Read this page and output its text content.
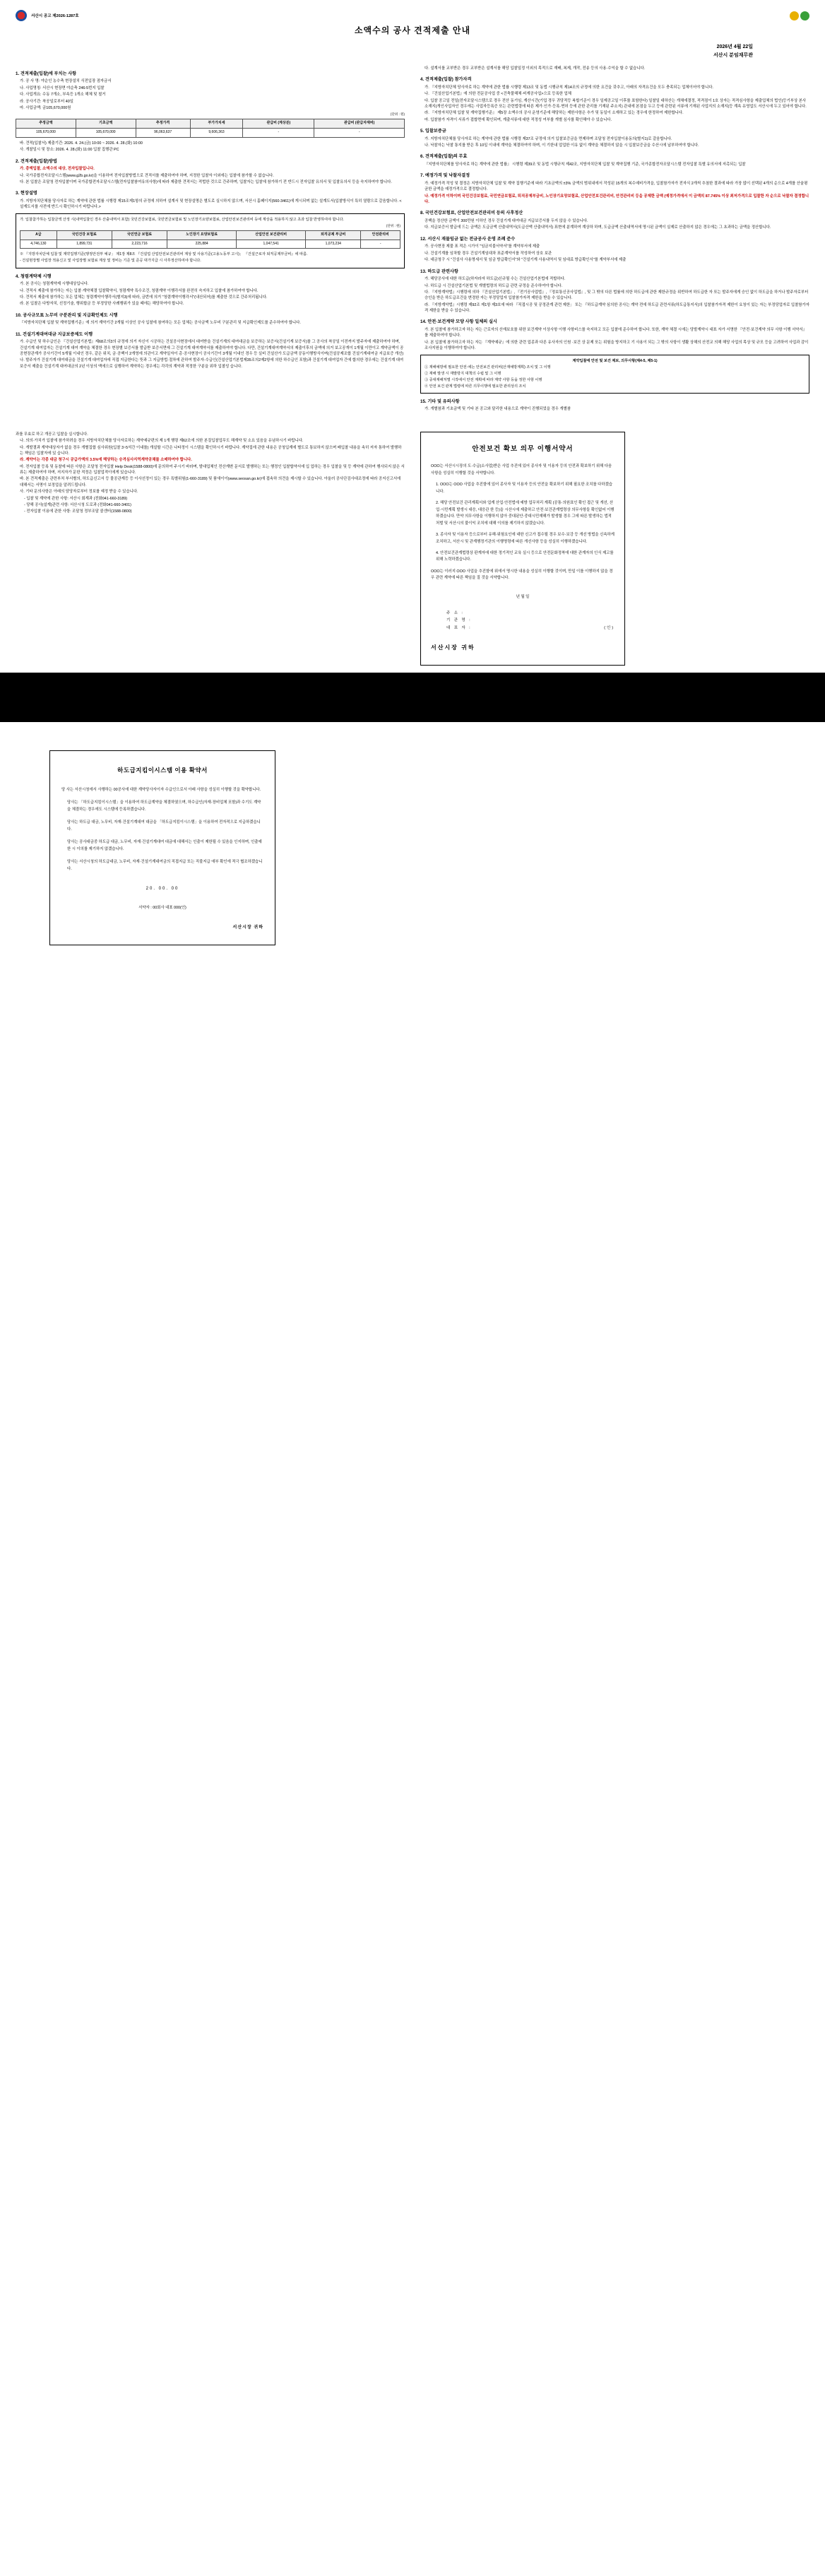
서산시 공고 제2026-1287호
소액수의 공사 견적제출 안내
2026년 4월 22일
서산시 분임재무관
1. 견적제출(입찰)에 부치는 사항

가. 공 사 명: 야순인 농수축 현장설치 식전입장 점자금서

나. 사업명칭: 서산시 현장면 야순축 246-5번지 입찰

다. 사업개요: 수동 7개소, 부속등 1개소 해체 및 철거

라. 공사기간: 착공일로부터 40일

마. 사업금액: 금105,670,000원

(단위 : 원)

추정금액	기초금액	추정가격	부가가치세	관급비 (계상분)	관급비 (관급자재비)
105,670,000	105,670,000	96,063,637	9,606,363	-	-

바. 견적(입찰서) 제출기간: 2026. 4. 24.(금) 10:00 ~ 2026. 4. 28.(화) 10:00

사. 개찰일시 및 장소: 2026. 4. 28.(화) 11:00 입찰 집행관 PC

2. 견적제출(입찰)방법

가. 총액입찰, 소액수의 대상, 전자입찰입니다.

나. 국가종합전자조달시스템(www.g2b.go.kr)을 이용하여 전자입찰방법으로 견적서를 제출하여야 하며, 지정한 입찰자 이외에는 입찰에 참가할 수 없습니다.

다. 본 입찰은 조달청 전자입찰이며 국가종합전자조달시스템(전자입찰참여유의사항)에 따라 제출한 견적서는 적법한 것으로 간주하며, 입찰자는 입찰에 참가하기 전 반드시 전자입찰 유의서 및 입찰유의서 등을 숙지하여야 합니다.

3. 현장설명

가. 지방자치단체를 당사자로 하는 계약에 관한 법률 시행령 제15조제1항의 규정에 의하여 설계서 및 현장설명은 별도로 실시하지 않으며, 서산시 홈페이지(560-3461)에 게시되며 없는 설계도서(입찰방식이 특히 열람으로 갈음합니다. <설계도서를 사전에 반드시 확인하시기 바랍니다.>

가. 입찰참가하는 입찰금액 산정 시(내역입찰인 경우 산출내역서 포함) 국민건강보험료, 국민연금보험료 및 노인장기요양보험료, 산업안전보건관리비 등에 계상을 적용하지 않고 초과 입찰 반영하여야 합니다.

(단위 : 원)

A급	국민건강 보험료	국민연금 보험료	노인장기 요양보험료	산업안전 보건관리비	퇴직공제 부금비	안전관리비
4,746,130	1,899,731	2,223,716	225,884	1,047,541	1,073,234	-

※ 『지방자치단체 입찰 및 계약집행기준(행정안전부 예규」 제1장 제8조 『건설업 산업안전보건관리비 계상 및 사용기준(고용노동부 고시)」 『건설근로자 퇴직공제부금비』에 따름.

- 건설현장별 사업장 적용신고 및 사업장별 보험료 계상 및 정비는 기준 및 준공 대가지급 시 사후정산하여야 합니다.

4. 청렴계약제 시행

가. 본 공사는 청렴계약제 시행대상입니다.

나. 견적서 제출에 참가하는 자는 입찰·계약체결 입찰확약서, 청렴계약 특수조건, 청렴계약 이행각서를 완전히 숙지하고 입찰에 참가하여야 합니다.

다. 견적서 제출에 참가하는 모든 업체는 청렴계약이행각서(별지3)에 따라, 금번에 의거 "청렴계약이행각서"(내산되어)를 제출한 것으로 간주처리됩니다.

라. 본 입찰은 다방자치, 선정기술, 행위합금 등 부정당한 사례행위가 있을 때에는 해당하여야 합니다.

10. 공사규모표 노무비 구분관리 및 지급확인제도 시행

『지방자치단체 입찰 및 계약집행기준』에 의거 계약기간 2개월 이상인 공사 입찰에 참여하는 모든 업체는 공사금액 노무비 구분관리 및 지급확인제도를 준수하여야 합니다.

11. 건설기계대여대금 지급보증제도 이행

가. 수급인 및 하수급인은 『건설산업기본법』제68조의3의 규정에 의거 자신이 시공하는 건설공사현장에서 대여받을 건설기계의 대여대금을 보증하는 보증서(건설기계 보증서)를 그 공사의 착공일 이전까지 발주자에 제출하여야 하며, 건설기계 대여업자는 건설기계 대여 계약을 체결한 경우 현장별 보증서를 발급받 보증서면에 그 건설기계 대여계약서를 제출하여야 합니다. 다만, 건설기계대여계약서의 제출이후의 금액에 의거 보고공개이 1개월 이만이고 계약금액이 공공현장관계가 공사기간이 5개월 이내인 경우, 같은 위치, 금·공백이 2개영에 의관이고 계약일자이 총·공사현장이 공사기간이 3개월 이내인 경우 등 실비 건설산가 도급금액 공동이행방식이며(건설공제조합 건설기계대여금 지급보증 개선)

나. 발주자가 건설기계 대여대금을 건설기계 대여업자에 직접 지급한다는 뜻과 그 지급방법·절차에 관하여 발주자·수급인(건설산업기본법제35조의2제2항에 의한 하수급인 포함)과 건설기계 대여업자 간에 합의한 경우에는 건설기계 대여 보증서 제출을 건설기계 대여대금의 2년 이상의 액에으로 실행하여 계약하는 경우에는 각각의 계약과 적정한 구분을 위하 입찰성 습니다.

다. 설계서를 교부받은 경우 교부받은 설계서를 해당 입찰일정 이외의 목적으로 재배, 복제, 개작, 전송 등의 사용·수익을 할 수 없습니다.

4. 견적제출(입찰) 참가자격

가. 『지방자치단체 당사자로 하는 계약에 관한 법률 시행령 제13조 및 동법 시행규칙 제14조의 규정에 의한 요건을 갖추고, 아래의 자격요건을 모두 충족되는 업체이어야 합니다.

나. 『건설산업기본법』에 의한 전문공사업 중 <건축물해체·비계공사업>으로 등록한 업체

다. 입찰 공고일 전일(전자조달시스템으로 경우 전산 동기임, 계산시간(기업 경우 귀당적등 복합기준이 경우 일제공고일 이후를 표함한다) 일찰일 대하산는 개체에결정, 적격점이 1호 상자는 적격심사항을 제출업체의 법인(등기부상 본사 소재지(개인사업자인 경우에는 사업자등록증 또는 관련법령에 따른 제가·인가·등록·면허 등에 관한 관리를 기재된 주소지) 관내에 본점을 두고 등에 관련된 서류에 기재된 사업지의 소재지(등 계속 유영업도 서산시에 두고 있어야 합니다.

라. 『지방자치단체 입찰 및 계약집행기준』 제5장 소액수의 공사 운영기준에 해당하는 제한사항은 추가 및 동일이 소재하고 있는 경우에 한정하여 제한합니다.

마. 입찰참가 자격이 서류가 접합면에 확인되며, 계출서류에 대한 적정성 여부를 개별 심사를 확인해야 수 있습니다.

5. 입찰보증금

가. 지방자치단체를 당사자로 하는 계약에 관한 법률 시행령 제37조 규정에 의거 입찰보증금을 면제하며 조달청 전자입찰이용동의(별지1)로 갈음합니다.

나. 낙찰자는 낙찰 통지를 받은 후 10일 이내에 계약을 체결하여야 하며, 이 기한내 업업한 이유 없이 계약을 체결하지 않을 시 입찰보증금을 수산시에 납부하여야 합니다.

6. 견적제출(입찰)의 무효

『지방자치단체를 당사자로 하는 계약에 관한 법률』 시행령 제39조 및 동법 시행규칙 제42조, 지방자치단체 입찰 및 계약집행 기준, 국가종합전자조달시스템 전자입찰 특별 유의서에 저촉되는 입찰

7. 예정가격 및 낙찰자결정

가. 예정가격 작성 및 결정은 지방자치단체 입찰 및 계약 집행기준에 따라 기초금액의 ±3% 금액의 범위내에서 작성된 15개의 복수예비가격을, 입찰참가자가 전자식 2개씩 추첨한 결과에 따라 가장 많이 선택된 4개의 순으로 4개를 산술평균한 금액을 예정가격으로 결정합니다.

나. 예정가격 이하이며 국민건강보험료, 국민연금보험료, 퇴직공제부금비, 노인장기요양보험료, 산업안전보건관리비, 안전관리비 등을 공제한 금액 (예정가격에서 이 금액의 87.745% 이상 최저가격으로 입찰한 자 순으로 낙찰자 결정합니다.

8. 국민건강보험료, 산업안전보건관리비 등의 사후정산

공백을 정산한 금액이 300만원 이하인 경우 건설기계 대여대금 지급보증서를 두지 않을 수 있습니다.

다. 지급보증서 발급에 드는 금액은 도급금액 산출내역서(도급산액 산출내역서) 표현에 분계하여 계상하 하며, 도급금액 산출내역서에 명시된 금액이 실제로 산출하지 않은 경우에는 그 초과하는 금액을 정산합니다.

12. 서산시 재물임금 없는 전금공사 운영 조례 준수

가. 공사현장 제물 표 적은 시가이 "임금지불서약서"를 계약부서에 제출

나. 건설기계를 임차할 경우 건설기계임대차 표준계약서를 작성하여 상호 보관

다. 대금청구 시 "건설사 사용명세서 및 임금 방급확인서"와 "건설기계 사용내역서 및 임대료 방급확인서"를 계약부서에 제출

13. 하도급 관련사항

가. 해당공사에 대한 하도급(하자라자 하도급)신규될 수는 건설산업기본법에 적합하다.

나. 하도급 시 건설산업기본법 및 개별법령의 하도급 관련 규정을 준수하여야 합니다.

다. 『지방계약법』시행령에 의하 『건설산업기본법』, 『전기공사업법』, 『정보통신공사업법』, 및 그 밖의 다른 법률에 의한 하도급에 관한 제한규정을 위반하여 하도급한 자 또는 발주자에게 승인 없이 하도급을 하거나 발주자로부터 승인을 받은 하도급조건을 변경한 자는 부정당업자 입찰참가자격 제한을 받을 수 있습니다.

라. 『지방계약법』시행령 제92조 제1항 제3호에 따라 『직접시공 및 공정관계 관련 제한」 또는 『하도급계약 심의한 공사는 계약 전에 하도급 관련서류(하도급통지서)의 입찰참가자격 제한이 요청이 있는 자는 부정당업자로 입찰참가자격 제한을 받을 수 있습니다.

14. 안전·보건계약 모양 사항 일체의 실시

가. 본 입찰에 참가하고자 하는 자는 근로자의 산재보호를 위한 보건계약 이상사항 이행 사항비스를 숙지하고 모든 입찰에 준수하여 합니다. 또한, 계약 체결 시에는 당발계약시 대표 자가 서명한 『안전·보건계약 의무 사항 이행 서약서』를 제출하여야 합니다.

나. 본 입찰에 참가하고자 하는 자는 『계약예규』에 의한 관련 업종과 다른 유사자의 인원 ·보건 상 문제 또는 위험을 방지하고 기 사용이 되는 그 밖의 사항이 생활 상해의 산전교 의해 해당 사업의 목상 및 규모 등을 고려하여 사업과 감이 조사지원을 이행하여야 합니다.

계약입찰에 안전 및 보건 제보, 의무사항(제4-5, 제5-1)

① 재해예방에 필요한 안전·에는 안전보건 관리비(산재예방계획) 조치 및 그 이행

② 재해 발생 시 재발방지 대책의 수립 및 그 이행

③ 중대재해처벌 시작에서 안전 계획에 따라 계약 사항 등을 정한 사항 이행

④ 안전 보건 관계 법령에 따른 의무이행에 필요한 관리상의 조치

15. 기타 및 유의사항

가. 개별참과 기초금액 및 기타 본 공고와 달리한 내용으로 계약이 진행되었을 경우 개별참

과를 무효로 하고 개공고 입찰을 실시합니다.

나. 의의·가치가 입찰에 참가하려을 경우 지방자치단체를 당사자로하는 계약예규편의 제 1개 행령 제62조에 의한 본질입찰업무도 해계약 및 소요 있음을 유념하시기 바랍니다.

다. 개발결과 계약대상자가 없을 경우 개별집합 심사위원(입찰 3~5석간 이내를) 개설할 시간은 나타정이 시스템을 확인하시기 바랍니다. 계약집에 관한 내용은 공청입계에 별도로 통보하지 않으며 배입찰 내용을 속히 저자 통하여 발행하는 책임은 입찰자에 있 습니다.

라. 계약이는 각종 대금 청구시 공급가액의 3.5%에 해당하는 승격심사지역계약공채를 소매하여야 합니다.

마. 전자입찰 등록 및 동찰에 따른 사항은 조달청 전자입찰 Help Desk(1588-0800)에 문의하여 주시기 바라며, 발대업체인 전산계변 문서로 발행하는 또는 행정인 입찰합약서에 입 업하는 경우 입찰을 및 등 계약에 관하여 행사되지 않은 서류는 제출하여야 하며, 저지자가 문한 적정은 입찰업적이에게 있습니다.

바. 본 견적제출은 관련부처 부서별의, 하도급신고서 등 물공관계등 등 이사선정이 있는 경우 특별위험(1-660-3189) 및 품새이이(www.seosan.go.kr)에 접속하 의견을 제시할 수 있습니다. 아울러 공사단검사대조정에 따라 공지신고서에 대해서는 서명이 보정업을 알려드립니다.

사. 기타 문의사항은 아래의 담당자로부터 정보를 예정 받을 수 있습니다.

- 입찰 및 계약에 관한 사항: 서산시 회계과 (전화041-660-3189)

- 당해 공사(설계)관련 사항: 서산시청 도로과 (전화041-660-3401)

- 전자입찰 이용에 관한 사항: 조달청 정부조달 콜센터(1588-0800)

안전보건 확보 의무 이행서약서

OOO는 서산시시장의 도·수급(소사업)받은 사업 추진에 있어 종사자 및 이용자 등의 안전과 확보하기 위해 다음 사항을 성실히 이행할 것을 서약합니다.

1. OOO는 OOO 사업을 추진함에 있어 종사자 및 이용자 등의 안전을 확보하기 위해 필요한 조치를 다하겠습니다.

2. 해당 안전보건 관리계획서와 업계 산업·안전법에 예방 업무처리 계획 (공통·의원표인 확인 접근 및 개선, 산업·시민계획 발생시 대응, 대응관 한 등)을 시산시에 제출하고 안전·보건관계법령상 의무사항들 확인없어 이행하겠습니다. 만약 의무사항을 이행하지 않아 중대된안·중대시민재해가 발생할 경우 그에 따른 발생하는 법적 처벌 및 서산시의 불이익 조치에 대해 이의를 제기하지 않겠습니다.

3. 종사자 및 이용자 등으로부터 유해·위험요인에 대한 신고가 접수될 경우 보수·보강 등 개선 방법을 신속하게 조치하고, 서산시 및 관계행정기관의 이행명령에 따른 개선사항 등을 성실히 이행하겠습니다.

4. 안전보건관계법령상 판계자에 대한 정기적인 교육 실시 등으로 안전문화정착에 대한 관계자의 인식 제고를 위해 노력하겠습니다.

OOO는 이러지 OOO 사업을 추진함에 위에서 명시한 내용을 성실히 이행할 것이며, 만일 이를 이행하지 않을 경우 관련 계약에 따른 책임을 질 것을 서약합니다.

년 월 일
주 소 :
기 관 명 :
대 표 자 :	(인)
서산시장 귀하
하도급지킴이시스템 이용 확약서

당 사는 서산시청에서 사행하는 00공사에 대한 계약당사자이자 수급인으로서 아래 사항을 성실히 이행할 것을 확약합니다.

당사는 「하도급지킴이시스템」을 이용하여 하도급계약을 체결하였으며, 하수급인(자재·장비업체 포함)과 수기도 계약을 체결하는 경우에도 시스템에 등록하겠습니다.

당사는 하도급 대금, 노무비, 자재·건설기계대여 대금을 「하도급지킴이시스템」을 이용하여 전자적으로 지급하겠습니다.

당사는 공사대금중 하도급 대금, 노무비, 자재·건설기계대여 대금에 대해서는 인출이 제한될 수 있음을 인지하며, 인출예한 시 이의를 제기하지 않겠습니다.

당사는 서산시청의 하도급대금, 노무비, 자재·건설기계대여금의 직접지급 또는 직불지급 애부 확인에 적극 협조하겠습니다.

20. 00. 00
서약자 : 00회사 대표 000(인)
서산시장 귀하
